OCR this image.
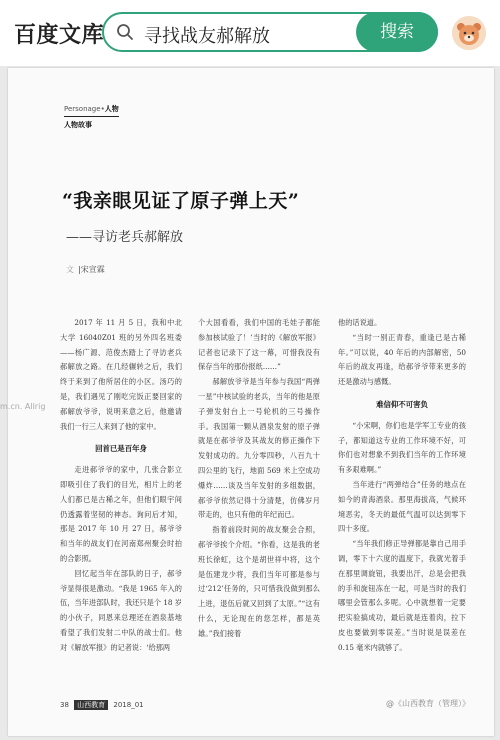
百度文库 寻找战友郝解放	搜索
Personage•人物
人物故事
“我亲眼见证了原子弹上天”
——寻访老兵郝解放
文 |宋宣霖
m.cn. Allrig

2017 年 11 月 5 日，我和中北大学 16040Z01 班的另外四名班委——杨广源、范俊杰踏上了寻访老兵郝解放之路。在几经辗转之后，我们终于来到了他所居住的小区。汤巧的是，我们遇见了刚吃完饭正要回家的郝解放爷爷，说明来意之后，他邀请我们一行三人来到了他的家中。

回首已是百年身

走进郝爷爷的家中，几张合影立即吸引住了我们的目光，相片上的老人们都已是古稀之年，但他们眼宇间仍透露着坚韧的神态。询问后才知，那是 2017 年 10 月 27 日，郝爷爷和当年的战友们在河南郑州聚会时拍的合影照。

回忆起当年在部队的日子，郝爷爷显得很是激动。“我是 1965 年入的伍，当年进部队时，我还只是个 18 岁的小伙子，同恩来总理还在酒泉基地看望了我们发射二中队的战士们。他对《解放军报》的记者说：‘给那两

个大国看看，我们中国的毛娃子都能参加核试验了！’当时的《解放军报》记者也记录下了这一幕，可惜我没有保存当年的那份报纸……”

郝解放爷爷是当年参与我国“两弹一星”中核试验的老兵，当年的他是原子弹发射台上一号轮机的三号操作手。我国第一颗从酒泉发射的原子弹就是在郝爷爷及其战友的修正操作下发射成功的。九分零四秒，八百九十四公里的飞行，地面 569 米上空成功爆炸……谈及当年发射的多组数据，郝爷爷依然记得十分清楚，仿佛岁月带走的，也只有他的年纪而已。

指着前段时间的战友聚会合照，郝爷爷挨个介绍。“你看，这是我的老班长徐虹，这个是胡世祥中将，这个是伍建龙少将，我们当年可都是参与过‘212’任务的，只可惜我没做到那么上进，退伍后就又回到了太原。”“这有什么，无论现在的您怎样，都是英雄。”我们接着

他的话说道。

“当时一别正青春，重逢已是古稀年。”可以说，40 年后的内部解密，50 年后的战友再逢，给郝爷爷带来更多的还是激动与感慨。

难信仰不可害负

“小宋啊，你们也是学军工专业的孩子，都知道这专业的工作环境不好，可你们也对想象不到我们当年的工作环境有多艰难啊。”

当年进行“两弹结合”任务的地点在如今的青海酒泉。那里海拔高，气候环境恶劣，冬天的最低气温可以达到零下四十多度。

“当年我们修正导弹都是靠自己用手调，零下十六度的温度下，我就光着手在那里调旋钮，我要出汗，总是会把我的手和旋钮冻在一起，可是当时的我们哪里会管那么多呢。心中就想着一定要把实验搞成功，最后就是连着肉，拉下皮也要做到零误差。”当时说是误差在 0.15 毫米内就够了。

38 山西教育 2018_01	@《山西教育（管理）》
